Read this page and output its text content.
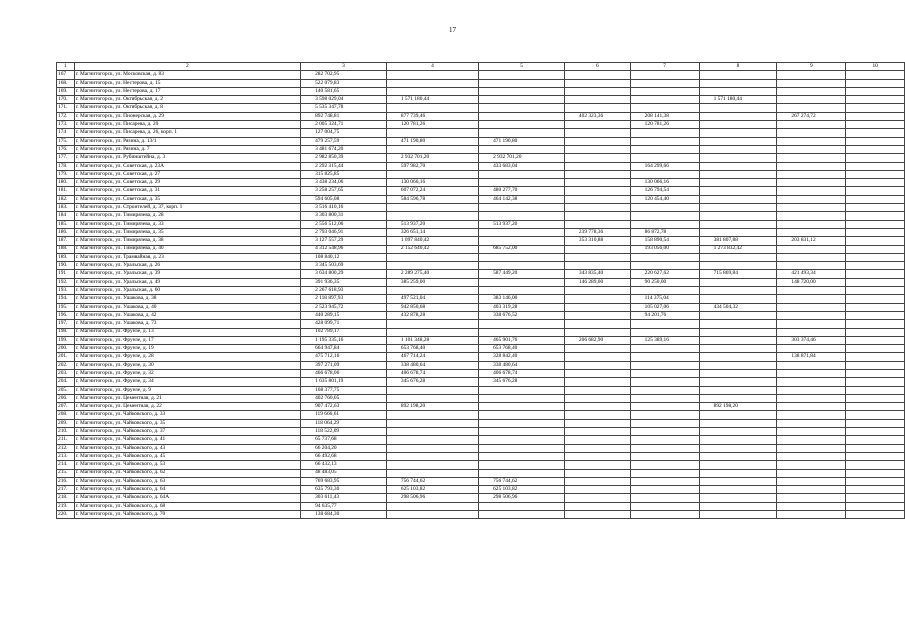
17
1	2	3	4	5	6	7	8	9	10
167	г. Магнитогорск, ул. Московская, д. 83	282 702,95							
168.	г. Магнитогорск, ул. Нестерова, д. 15	522 079,83							
169.	г. Магнитогорск, ул. Нестерова, д. 17	140 581,65							
170.	г. Магнитогорск, ул. Октябрьская, д. 2	3 598 029,04	1 571 180,44				1 571 180,44		
171.	г. Магнитогорск, ул. Октябрьская, д. 8	5 535 347,78							
172.	г. Магнитогорск, ул. Пионерская, д. 29	892 748,81	877 739,46		402 323,36	208 141,38		267 274,72	
173.	г. Магнитогорск, ул. Писарева, д. 20	2 005 324,71	120 781,26			120 781,26			
174	г. Магнитогорск, ул. Писарева, д. 26, корп. 1	127 004,75							
175.	г. Магнитогорск, ул. Рязина, д. 13/1	479 257,59	471 190,80	471 190,80					
176.	г. Магнитогорск, ул. Рязина, д. 7	3 481 674,20							
177.	г. Магнитогорск, ул. Рубинштейна, д. 3	2 982 850,39	2 932 701,20	2 932 701,20					
178.	г. Магнитогорск, ул. Советская, д. 23А	2 292 315,44	597 982,70	433 683,04		164 299,66			
179.	г. Магнитогорск, ул. Советская, д. 27	315 825,85							
180.	г. Магнитогорск, ул. Советская, д. 29	3 438 234,06	130 066,16			130 066,16			
181.	г. Магнитогорск, ул. Советская, д. 31	3 258 257,65	607 072,24	480 277,70		126 794,54			
182.	г. Магнитогорск, ул. Советская, д. 35	594 605,08	584 596,78	464 142,38		120 454,40			
183.	г. Магнитогорск, ул. Строителей, д. 37, корп. 1	3 516 410,16							
184	г. Магнитогорск, ул. Тимирязева, д. 28	3 303 800,31							
185.	г. Магнитогорск, ул. Тимирязева, д. 33	2 556 512,06	513 937,20	513 937,20					
186.	г. Магнитогорск, ул. Тимирязева, д. 35	2 793 046,91	326 651,14		239 778,36	86 872,78			
187.	г. Магнитогорск, ул. Тимирязева, д. 38	3 127 557,29	1 097 840,42		353 310,88	158 890,54	381 807,88	203 831,12	
188.	г. Магнитогорск, ул. Тимирязева, д. 40	4 312 548,96	2 152 640,42	685 752,00		193 056,00	1 273 832,42		
189.	г. Магнитогорск, ул. Трамвайная, д. 23	108 840,12							
190.	г. Магнитогорск, ул. Уральская, д. 26	3 345 503,69							
191	г. Магнитогорск, ул. Уральская, д. 39	3 634 800,29	2 289 275,40	587 449,20	343 835,40	220 627,62	715 869,84	421 493,34	
192.	г. Магнитогорск, ул. Уральская, д. 49	391 936,35	385 259,00		146 289,00	90 250,00		148 720,00	
193.	г. Магнитогорск, ул. Уральская, д. 60	2 267 618,93							
194.	г. Магнитогорск, ул. Ушакова, д. 38	2 118 897,93	497 521,04	383 146,00		114 375,04			
195.	г. Магнитогорск, ул. Ушакова, д. 40	2 523 945,72	942 850,68	403 319,28		105 027,06	434 504,32		
196.	г. Магнитогорск, ул. Ушакова, д. 42	440 289,15	432 878,28	338 676,52		94 201,76			
197.	г. Магнитогорск, ул. Ушакова, д. 73	428 099,71							
198.	г. Магнитогорск, ул. Фрунзе, д. 13	102 789,17							
199.	г. Магнитогорск, ул. Фрунзе, д. 17	1 195 335,16	1 101 348,28	465 901,76	206 682,90	125 389,16		303 374,46	
200.	г. Магнитогорск, ул. Фрунзе, д. 19	664 947,84	653 768,40	653 768,40					
201.	г. Магнитогорск, ул. Фрунзе, д. 28	475 712,16	467 714,24	328 842,40				138 871,84	
202.	г. Магнитогорск, ул. Фрунзе, д. 30	397 271,09	338 480,64	338 480,64					
203.	г. Магнитогорск, ул. Фрунзе, д. 32	466 678,06	406 678,74	406 678,74					
204.	г. Магнитогорск, ул. Фрунзе, д. 34	1 635 801,19	345 676,28	345 676,28					
205.	г. Магнитогорск, ул. Фрунзе, д. 9	168 377,75							
206.	г. Магнитогорск, ул. Цементная, д. 21	402 760,05							
207.	г. Магнитогорск, ул. Цементная, д. 22	907 472,63	892 198,20				892 198,20		
208.	г. Магнитогорск, ул. Чайковского, д. 33	119 666,61							
209.	г. Магнитогорск, ул. Чайковского, д. 35	118 064,29							
210.	г. Магнитогорск, ул. Чайковского, д. 37	118 522,09							
211.	г. Магнитогорск, ул. Чайковского, д. 41	65 737,68							
212.	г. Магнитогорск, ул. Чайковского, д. 43	66 204,20							
213.	г. Магнитогорск, ул. Чайковского, д. 45	66 492,68							
214.	г. Магнитогорск, ул. Чайковского, д. 53	66 432,13							
215.	г. Магнитогорск, ул. Чайковского, д. 62	48 483,05							
216.	г. Магнитогорск, ул. Чайковского, д. 63	769 683,95	756 744,62	756 744,62					
217.	г. Магнитогорск, ул. Чайковского, д. 64	635 793,30	625 103,82	625 103,82					
218.	г. Магнитогорск, ул. Чайковского, д. 64А	303 611,43	298 506,96	298 506,96					
219.	г. Магнитогорск, ул. Чайковского, д. 68	94 635,77							
220.	г. Магнитогорск, ул. Чайковского, д. 70	138 684,30							
